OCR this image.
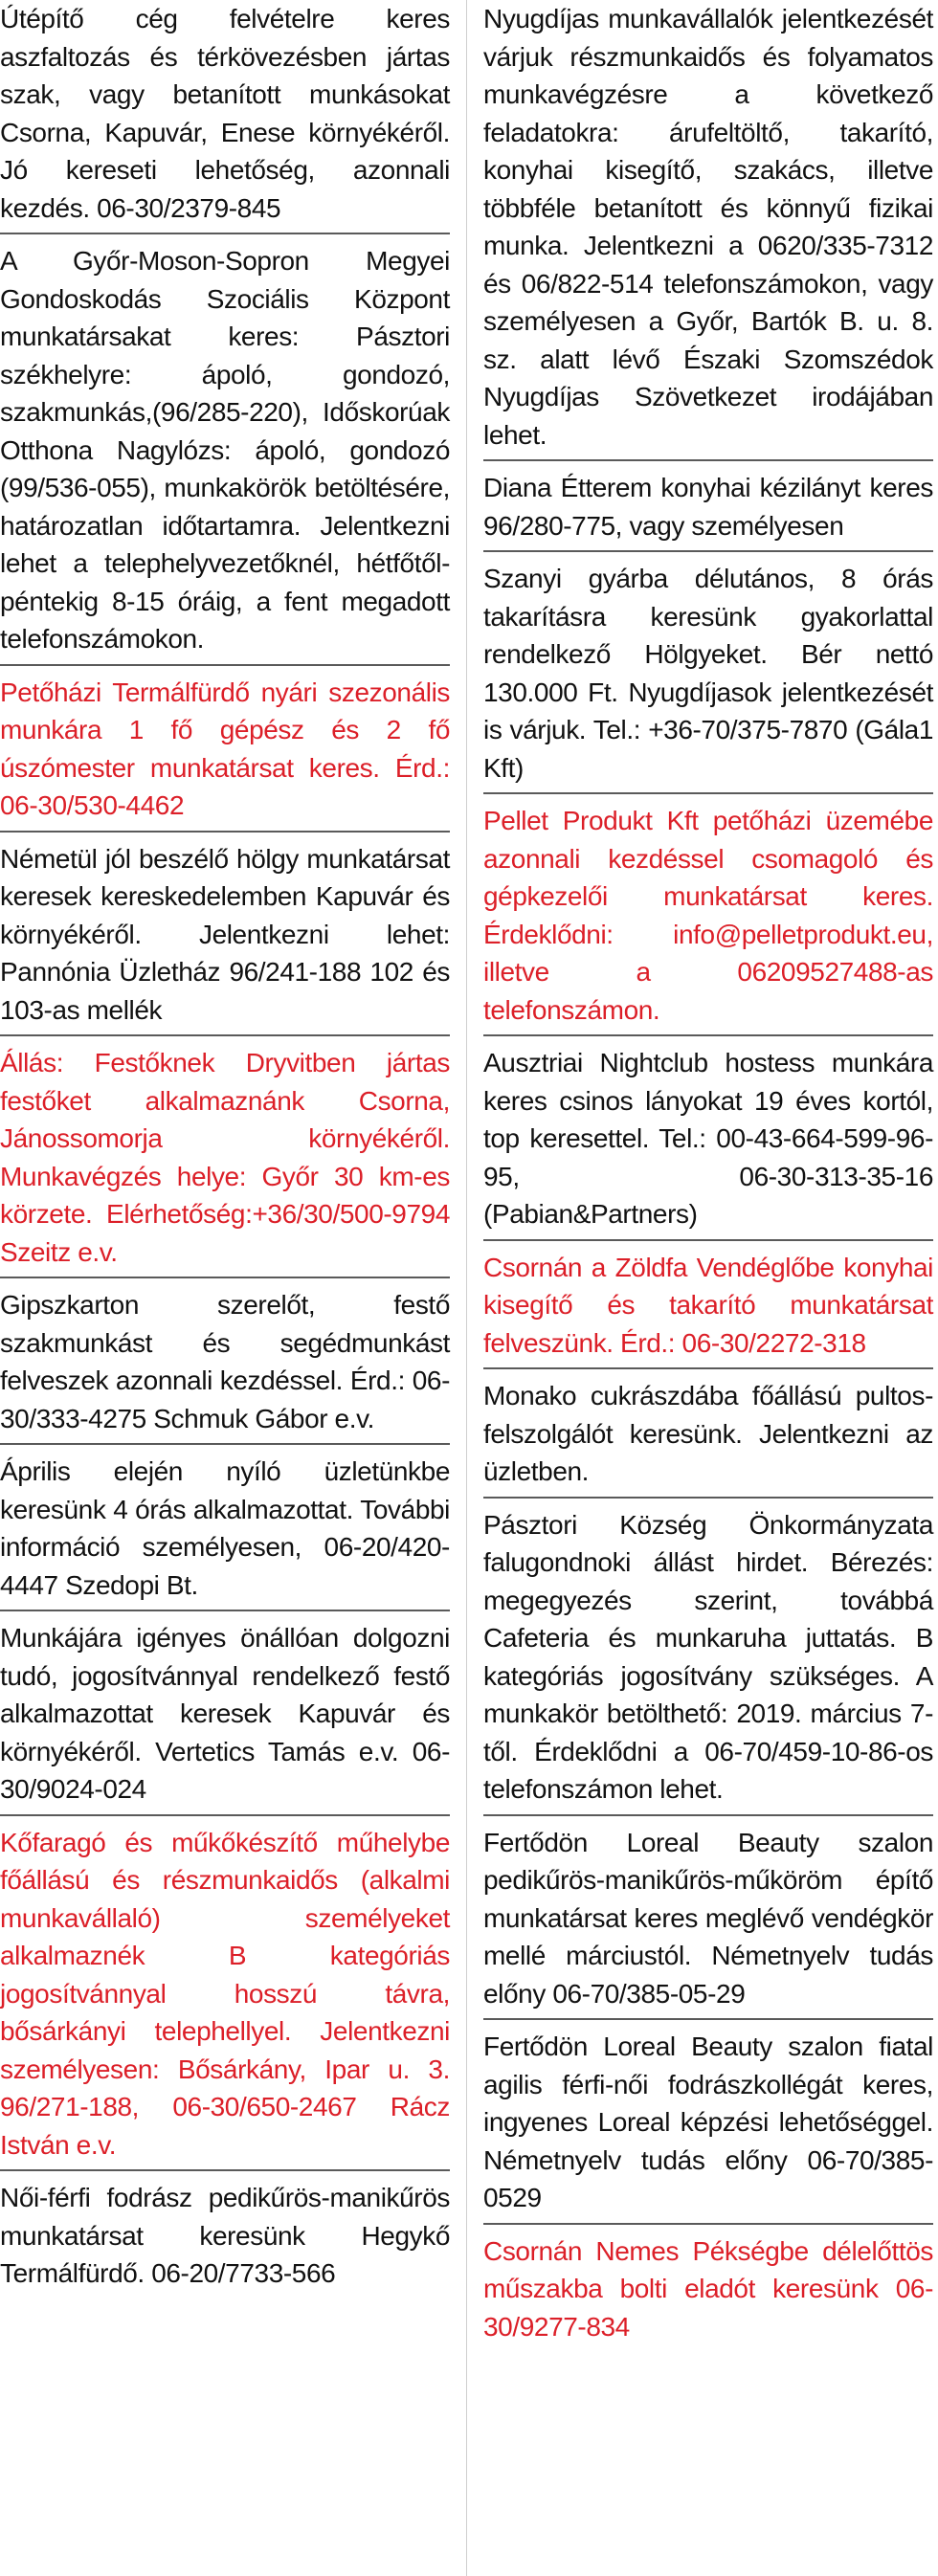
Útépítő cég felvételre keres aszfaltozás és térkövezésben jártas szak, vagy betanított munkásokat Csorna, Kapuvár, Enese környékéről. Jó kereseti lehetőség, azonnali kezdés. 06-30/2379-845
A Győr-Moson-Sopron Megyei Gondoskodás Szociális Központ munkatársakat keres: Pásztori székhelyre: ápoló, gondozó, szakmunkás,(96/285-220), Időskorúak Otthona Nagylózs: ápoló, gondozó (99/536-055), munkakörök betöltésére, határozatlan időtartamra. Jelentkezni lehet a telephelyvezetőknél, hétfőtől-péntekig 8-15 óráig, a fent megadott telefonszámokon.
Petőházi Termálfürdő nyári szezonális munkára 1 fő gépész és 2 fő úszómester munkatársat keres. Érd.: 06-30/530-4462
Németül jól beszélő hölgy munkatársat keresek kereskedelemben Kapuvár és környékéről. Jelentkezni lehet: Pannónia Üzletház 96/241-188 102 és 103-as mellék
Állás: Festőknek Dryvitben jártas festőket alkalmaznánk Csorna, Jánossomorja környékéről. Munkavégzés helye: Győr 30 km-es körzete. Elérhetőség:+36/30/500-9794 Szeitz e.v.
Gipszkarton szerelőt, festő szakmunkást és segédmunkást felveszek azonnali kezdéssel. Érd.: 06-30/333-4275 Schmuk Gábor e.v.
Április elején nyíló üzletünkbe keresünk 4 órás alkalmazottat. További információ személyesen, 06-20/420-4447 Szedopi Bt.
Munkájára igényes önállóan dolgozni tudó, jogosítvánnyal rendelkező festő alkalmazottat keresek Kapuvár és környékéről. Vertetics Tamás e.v. 06-30/9024-024
Kőfaragó és műkőkészítő műhelybe főállású és részmunkaidős (alkalmi munkavállaló) személyeket alkalmaznék B kategóriás jogosítvánnyal hosszú távra, bősárkányi telephellyel. Jelentkezni személyesen: Bősárkány, Ipar u. 3. 96/271-188, 06-30/650-2467 Rácz István e.v.
Női-férfi fodrász pedikűrös-manikűrös munkatársat keresünk Hegykő Termálfürdő. 06-20/7733-566
Nyugdíjas munkavállalók jelentkezését várjuk részmunkaidős és folyamatos munkavégzésre a következő feladatokra: árufeltöltő, takarító, konyhai kisegítő, szakács, illetve többféle betanított és könnyű fizikai munka. Jelentkezni a 0620/335-7312 és 06/822-514 telefonszámokon, vagy személyesen a Győr, Bartók B. u. 8. sz. alatt lévő Északi Szomszédok Nyugdíjas Szövetkezet irodájában lehet.
Diana Étterem konyhai kézilányt keres 96/280-775, vagy személyesen
Szanyi gyárba délutános, 8 órás takarításra keresünk gyakorlattal rendelkező Hölgyeket. Bér nettó 130.000 Ft. Nyugdíjasok jelentkezését is várjuk. Tel.: +36-70/375-7870 (Gála1 Kft)
Pellet Produkt Kft petőházi üzemébe azonnali kezdéssel csomagoló és gépkezelői munkatársat keres. Érdeklődni: info@pelletprodukt.eu, illetve a 06209527488-as telefonszámon.
Ausztriai Nightclub hostess munkára keres csinos lányokat 19 éves kortól, top keresettel. Tel.: 00-43-664-599-96-95, 06-30-313-35-16 (Pabian&Partners)
Csornán a Zöldfa Vendéglőbe konyhai kisegítő és takarító munkatársat felveszünk. Érd.: 06-30/2272-318
Monako cukrászdába főállású pultos-felszolgálót keresünk. Jelentkezni az üzletben.
Pásztori Község Önkormányzata falugondnoki állást hirdet. Bérezés: megegyezés szerint, továbbá Cafeteria és munkaruha juttatás. B kategóriás jogosítvány szükséges. A munkakör betölthető: 2019. március 7-től. Érdeklődni a 06-70/459-10-86-os telefonszámon lehet.
Fertődön Loreal Beauty szalon pedikűrös-manikűrös-műköröm építő munkatársat keres meglévő vendégkör mellé márciustól. Németnyelv tudás előny 06-70/385-05-29
Fertődön Loreal Beauty szalon fiatal agilis férfi-női fodrászkollégát keres, ingyenes Loreal képzési lehetőséggel. Németnyelv tudás előny 06-70/385-0529
Csornán Nemes Pékségbe délelőttös műszakba bolti eladót keresünk 06-30/9277-834
